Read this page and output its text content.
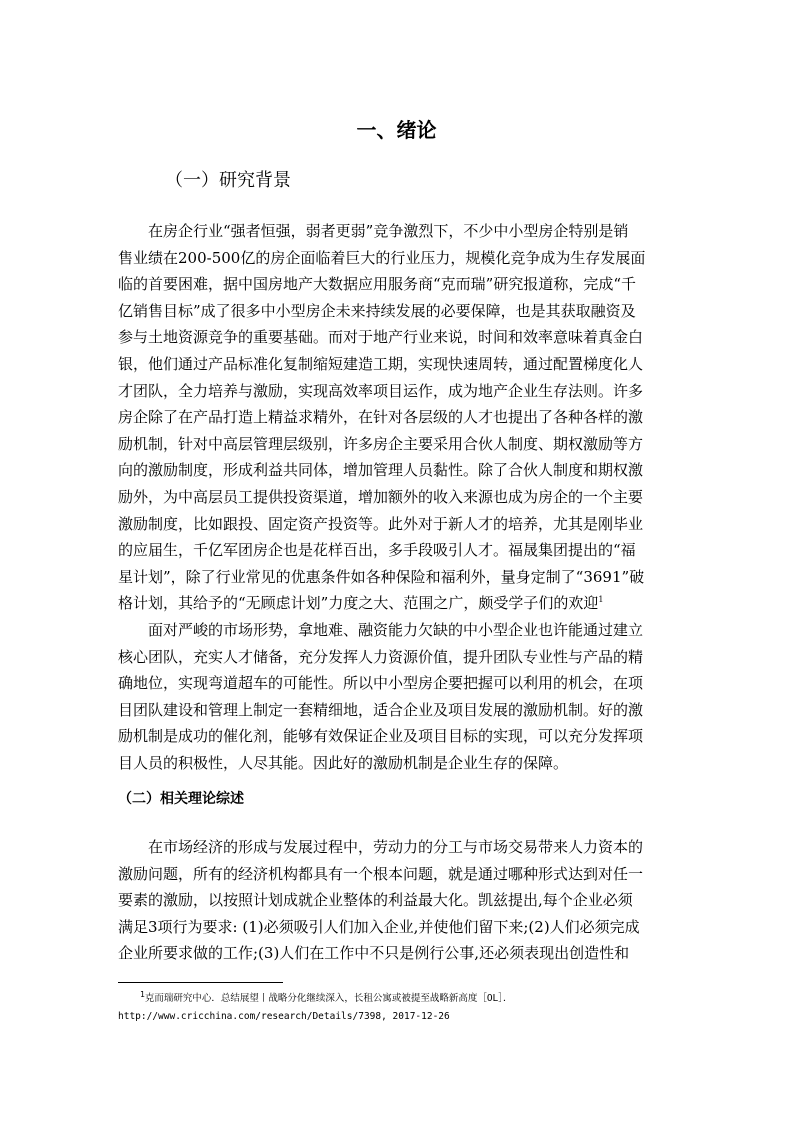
一、绪论
（一）研究背景
　　在房企行业“强者恒强，弱者更弱”竞争激烈下，不少中小型房企特别是销
售业绩在200-500亿的房企面临着巨大的行业压力，规模化竞争成为生存发展面
临的首要困难，据中国房地产大数据应用服务商“克而瑞”研究报道称，完成“千
亿销售目标”成了很多中小型房企未来持续发展的必要保障，也是其获取融资及
参与土地资源竞争的重要基础。而对于地产行业来说，时间和效率意味着真金白
银，他们通过产品标准化复制缩短建造工期，实现快速周转，通过配置梯度化人
才团队，全力培养与激励，实现高效率项目运作，成为地产企业生存法则。许多
房企除了在产品打造上精益求精外，在针对各层级的人才也提出了各种各样的激
励机制，针对中高层管理层级别，许多房企主要采用合伙人制度、期权激励等方
向的激励制度，形成利益共同体，增加管理人员黏性。除了合伙人制度和期权激
励外，为中高层员工提供投资渠道，增加额外的收入来源也成为房企的一个主要
激励制度，比如跟投、固定资产投资等。此外对于新人才的培养，尤其是刚毕业
的应届生，千亿军团房企也是花样百出，多手段吸引人才。福晟集团提出的“福
星计划”，除了行业常见的优惠条件如各种保险和福利外，量身定制了“3691”破
格计划，其给予的“无顾虑计划”力度之大、范围之广，颇受学子们的欢迎$^1$
　　面对严峻的市场形势，拿地难、融资能力欠缺的中小型企业也许能通过建立
核心团队，充实人才储备，充分发挥人力资源价值，提升团队专业性与产品的精
确地位，实现弯道超车的可能性。所以中小型房企要把握可以利用的机会，在项
目团队建设和管理上制定一套精细地，适合企业及项目发展的激励机制。好的激
励机制是成功的催化剂，能够有效保证企业及项目目标的实现，可以充分发挥项
目人员的积极性，人尽其能。因此好的激励机制是企业生存的保障。
（二）相关理论综述
　　在市场经济的形成与发展过程中，劳动力的分工与市场交易带来人力资本的
激励问题，所有的经济机构都具有一个根本问题，就是通过哪种形式达到对任一
要素的激励，以按照计划成就企业整体的利益最大化。凯兹提出,每个企业必须
满足3项行为要求: (1)必须吸引人们加入企业,并使他们留下来;(2)人们必须完成
企业所要求做的工作;(3)人们在工作中不只是例行公事,还必须表现出创造性和
$^1$克而瑞研究中心．总结展望丨战略分化继续深入，长租公寓或被提至战略新高度［OL］．
http://www.cricchina.com/research/Details/7398, 2017-12-26
